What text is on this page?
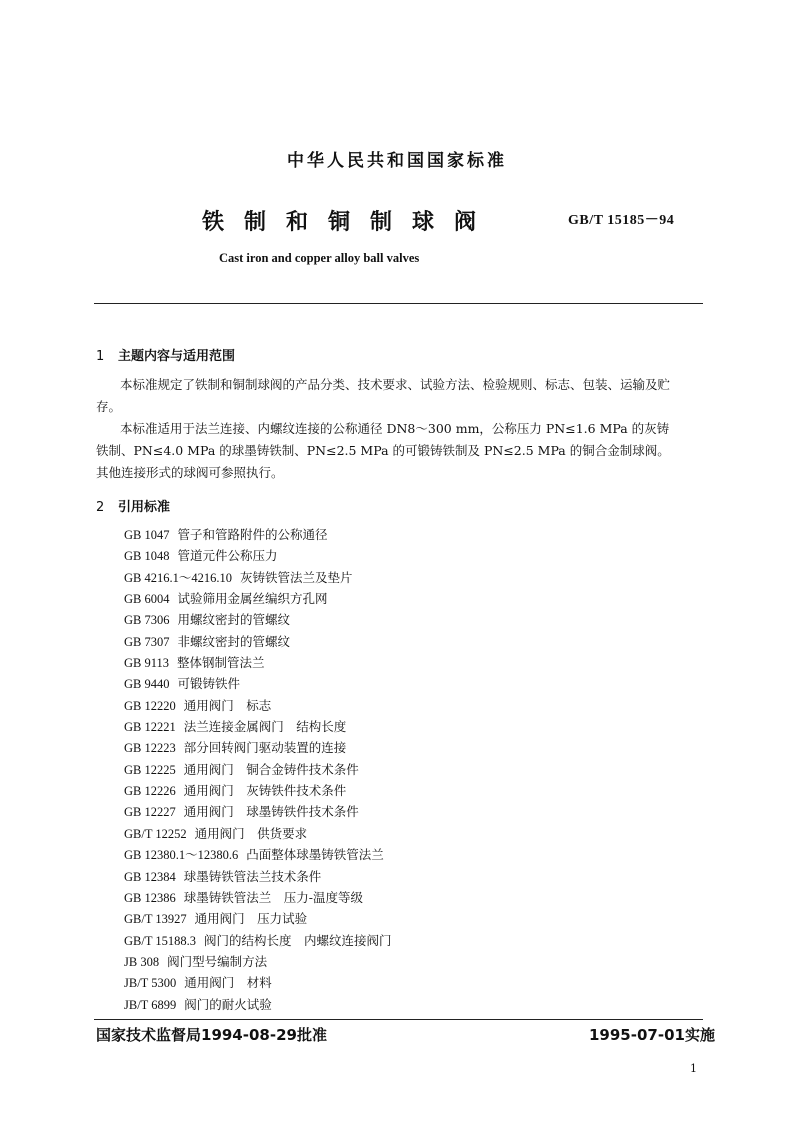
中华人民共和国国家标准
铁制和铜制球阀	GB/T 15185－94
Cast iron and copper alloy ball valves
1 主题内容与适用范围
本标准规定了铁制和铜制球阀的产品分类、技术要求、试验方法、检验规则、标志、包装、运输及贮
存。
本标准适用于法兰连接、内螺纹连接的公称通径 DN8～300 mm，公称压力 PN≤1.6 MPa 的灰铸
铁制、PN≤4.0 MPa 的球墨铸铁制、PN≤2.5 MPa 的可锻铸铁制及 PN≤2.5 MPa 的铜合金制球阀。
其他连接形式的球阀可参照执行。
2 引用标准
GB 1047 管子和管路附件的公称通径
GB 1048 管道元件公称压力
GB 4216.1～4216.10 灰铸铁管法兰及垫片
GB 6004 试验筛用金属丝编织方孔网
GB 7306 用螺纹密封的管螺纹
GB 7307 非螺纹密封的管螺纹
GB 9113 整体钢制管法兰
GB 9440 可锻铸铁件
GB 12220 通用阀门　标志
GB 12221 法兰连接金属阀门　结构长度
GB 12223 部分回转阀门驱动装置的连接
GB 12225 通用阀门　铜合金铸件技术条件
GB 12226 通用阀门　灰铸铁件技术条件
GB 12227 通用阀门　球墨铸铁件技术条件
GB/T 12252 通用阀门　供货要求
GB 12380.1～12380.6 凸面整体球墨铸铁管法兰
GB 12384 球墨铸铁管法兰技术条件
GB 12386 球墨铸铁管法兰　压力-温度等级
GB/T 13927 通用阀门　压力试验
GB/T 15188.3 阀门的结构长度　内螺纹连接阀门
JB 308 阀门型号编制方法
JB/T 5300 通用阀门　材料
JB/T 6899 阀门的耐火试验
国家技术监督局1994-08-29批准	1995-07-01实施
1
